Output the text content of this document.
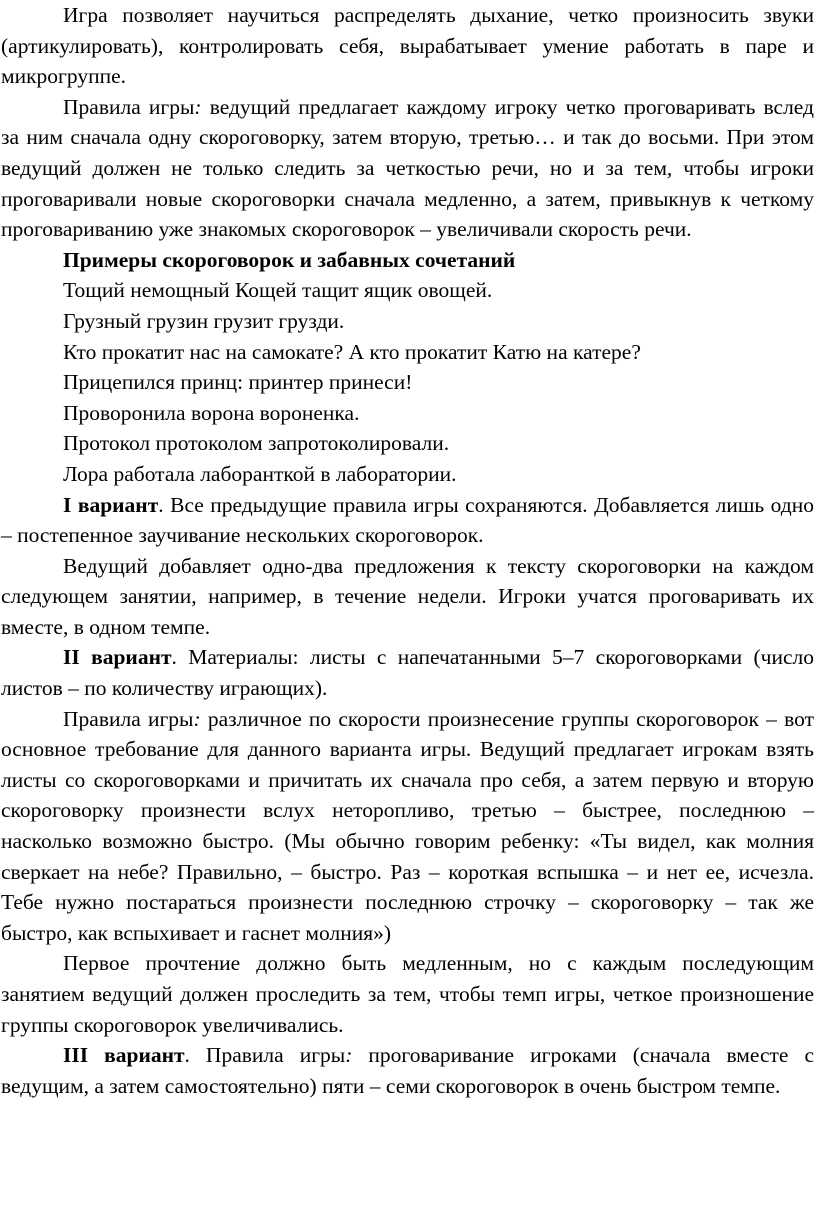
Игра позволяет научиться распределять дыхание, четко произносить звуки (артикулировать), контролировать себя, вырабатывает умение работать в паре и микрогруппе.

Правила игры: ведущий предлагает каждому игроку четко проговаривать вслед за ним сначала одну скороговорку, затем вторую, третью… и так до восьми. При этом ведущий должен не только следить за четкостью речи, но и за тем, чтобы игроки проговаривали новые скороговорки сначала медленно, а затем, привыкнув к четкому проговариванию уже знакомых скороговорок – увеличивали скорость речи.

Примеры скороговорок и забавных сочетаний

Тощий немощный Кощей тащит ящик овощей.

Грузный грузин грузит грузди.

Кто прокатит нас на самокате? А кто прокатит Катю на катере?

Прицепился принц: принтер принеси!

Проворонила ворона вороненка.

Протокол протоколом запротоколировали.

Лора работала лаборанткой в лаборатории.

I вариант. Все предыдущие правила игры сохраняются. Добавляется лишь одно – постепенное заучивание нескольких скороговорок.

Ведущий добавляет одно-два предложения к тексту скороговорки на каждом следующем занятии, например, в течение недели. Игроки учатся проговаривать их вместе, в одном темпе.

II вариант. Материалы: листы с напечатанными 5–7 скороговорками (число листов – по количеству играющих).

Правила игры: различное по скорости произнесение группы скороговорок – вот основное требование для данного варианта игры. Ведущий предлагает игрокам взять листы со скороговорками и причитать их сначала про себя, а затем первую и вторую скороговорку произнести вслух неторопливо, третью – быстрее, последнюю – насколько возможно быстро. (Мы обычно говорим ребенку: «Ты видел, как молния сверкает на небе? Правильно, – быстро. Раз – короткая вспышка – и нет ее, исчезла. Тебе нужно постараться произнести последнюю строчку – скороговорку – так же быстро, как вспыхивает и гаснет молния»)

Первое прочтение должно быть медленным, но с каждым последующим занятием ведущий должен проследить за тем, чтобы темп игры, четкое произношение группы скороговорок увеличивались.

III вариант. Правила игры: проговаривание игроками (сначала вместе с ведущим, а затем самостоятельно) пяти – семи скороговорок в очень быстром темпе.
